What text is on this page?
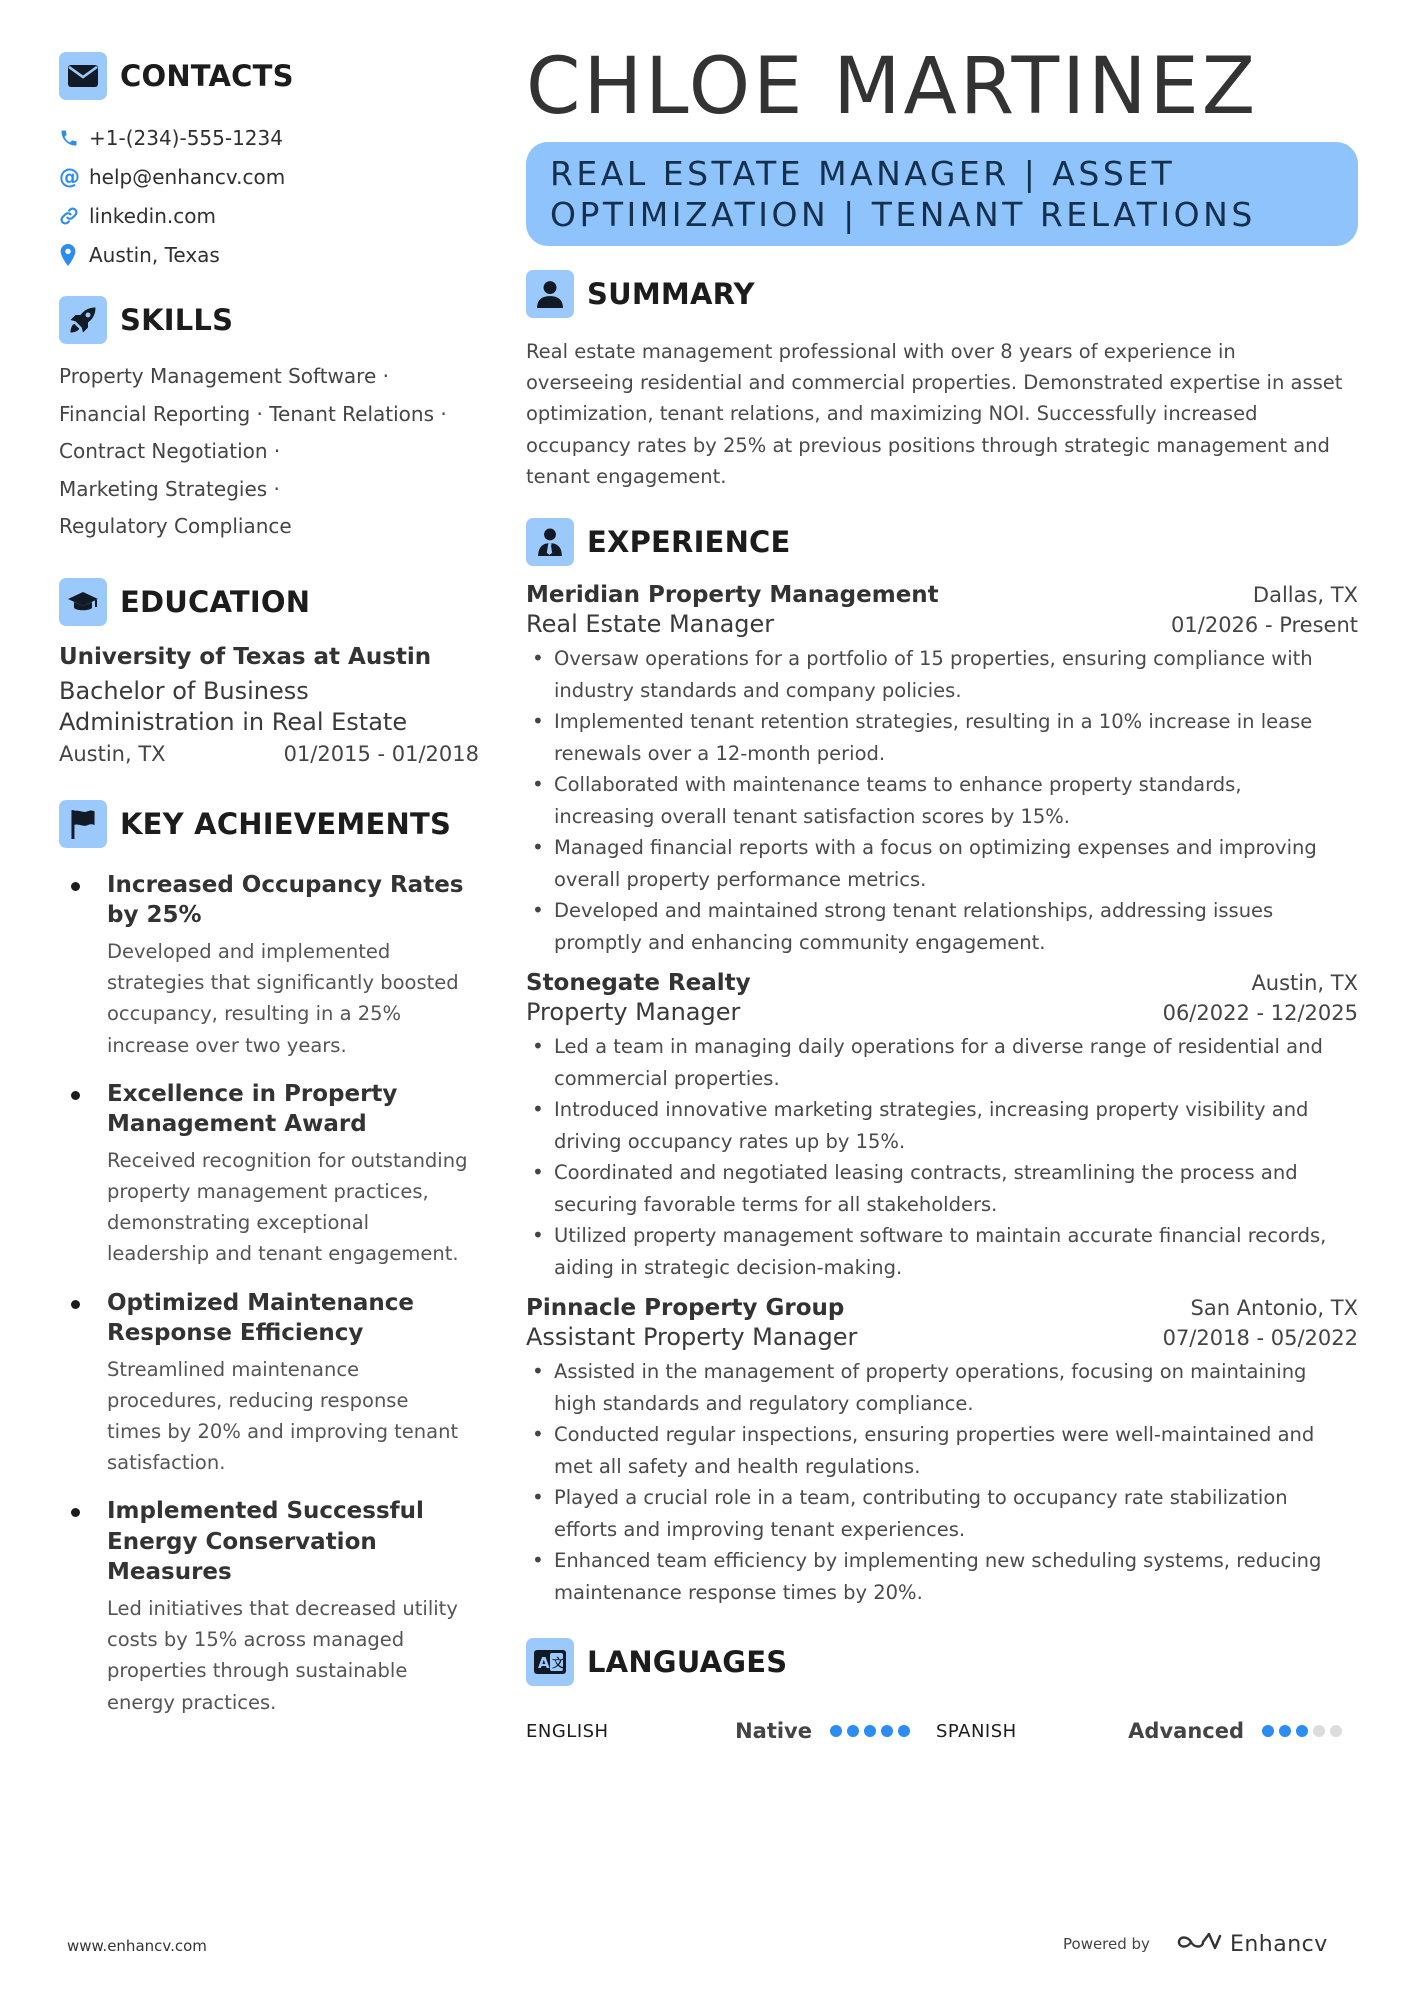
CONTACTS
+1-(234)-555-1234
@ help@enhancv.com
linkedin.com
Austin, Texas
SKILLS
Property Management Software ·
Financial Reporting · Tenant Relations ·
Contract Negotiation ·
Marketing Strategies ·
Regulatory Compliance
EDUCATION
University of Texas at Austin
Bachelor of Business
Administration in Real Estate
Austin, TX	01/2015 - 01/2018
KEY ACHIEVEMENTS
Increased Occupancy Rates
by 25%
Developed and implemented
strategies that significantly boosted
occupancy, resulting in a 25%
increase over two years.
Excellence in Property
Management Award
Received recognition for outstanding
property management practices,
demonstrating exceptional
leadership and tenant engagement.
Optimized Maintenance
Response Efficiency
Streamlined maintenance
procedures, reducing response
times by 20% and improving tenant
satisfaction.
Implemented Successful
Energy Conservation
Measures
Led initiatives that decreased utility
costs by 15% across managed
properties through sustainable
energy practices.
CHLOE MARTINEZ
REAL ESTATE MANAGER | ASSET
OPTIMIZATION | TENANT RELATIONS
SUMMARY
Real estate management professional with over 8 years of experience in
overseeing residential and commercial properties. Demonstrated expertise in asset
optimization, tenant relations, and maximizing NOI. Successfully increased
occupancy rates by 25% at previous positions through strategic management and
tenant engagement.
EXPERIENCE
Meridian Property Management	Dallas, TX
Real Estate Manager	01/2026 - Present
• Oversaw operations for a portfolio of 15 properties, ensuring compliance with
industry standards and company policies.
• Implemented tenant retention strategies, resulting in a 10% increase in lease
renewals over a 12-month period.
• Collaborated with maintenance teams to enhance property standards,
increasing overall tenant satisfaction scores by 15%.
• Managed financial reports with a focus on optimizing expenses and improving
overall property performance metrics.
• Developed and maintained strong tenant relationships, addressing issues
promptly and enhancing community engagement.
Stonegate Realty	Austin, TX
Property Manager	06/2022 - 12/2025
• Led a team in managing daily operations for a diverse range of residential and
commercial properties.
• Introduced innovative marketing strategies, increasing property visibility and
driving occupancy rates up by 15%.
• Coordinated and negotiated leasing contracts, streamlining the process and
securing favorable terms for all stakeholders.
• Utilized property management software to maintain accurate financial records,
aiding in strategic decision-making.
Pinnacle Property Group	San Antonio, TX
Assistant Property Manager	07/2018 - 05/2022
• Assisted in the management of property operations, focusing on maintaining
high standards and regulatory compliance.
• Conducted regular inspections, ensuring properties were well-maintained and
met all safety and health regulations.
• Played a crucial role in a team, contributing to occupancy rate stabilization
efforts and improving tenant experiences.
• Enhanced team efficiency by implementing new scheduling systems, reducing
maintenance response times by 20%.
A 文 LANGUAGES
ENGLISH	Native	SPANISH	Advanced
www.enhancv.com	Powered by	Enhancv
